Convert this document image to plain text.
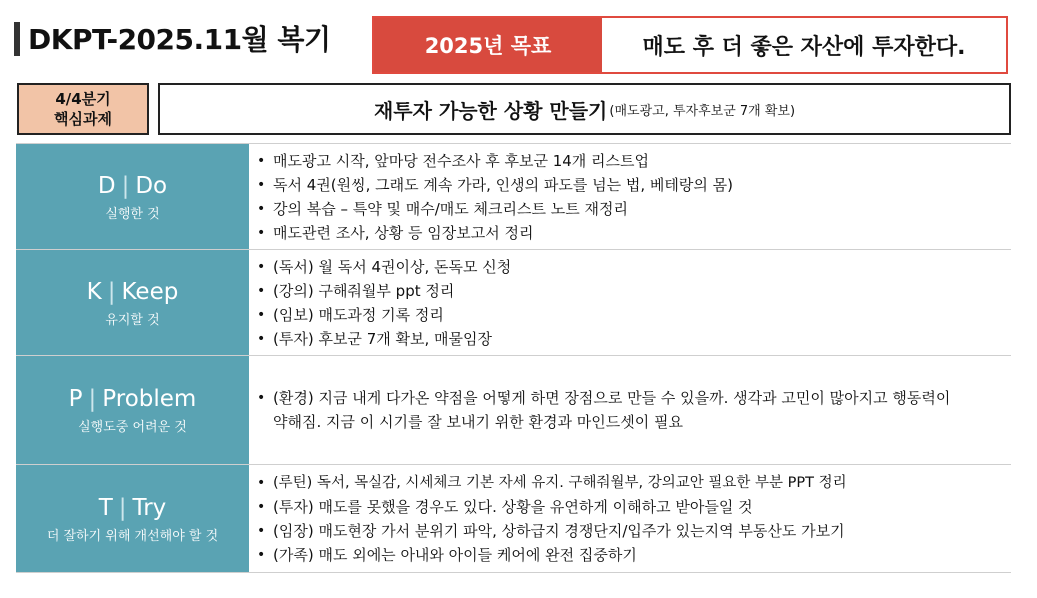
DKPT-2025.11월 복기	2025년 목표	매도 후 더 좋은 자산에 투자한다.
4/4분기
핵심과제	재투자 가능한 상황 만들기 (매도광고, 투자후보군 7개 확보)
D | Do
실행한 것
• 매도광고 시작, 앞마당 전수조사 후 후보군 14개 리스트업
• 독서 4권(원씽, 그래도 계속 가라, 인생의 파도를 넘는 법, 베테랑의 몸)
• 강의 복습 – 특약 및 매수/매도 체크리스트 노트 재정리
• 매도관련 조사, 상황 등 임장보고서 정리
K | Keep
유지할 것
• (독서) 월 독서 4권이상, 돈독모 신청
• (강의) 구해줘월부 ppt 정리
• (임보) 매도과정 기록 정리
• (투자) 후보군 7개 확보, 매물임장
P | Problem
실행도중 어려운 것
• (환경) 지금 내게 다가온 약점을 어떻게 하면 장점으로 만들 수 있을까. 생각과 고민이 많아지고 행동력이 약해짐. 지금 이 시기를 잘 보내기 위한 환경과 마인드셋이 필요
T | Try
더 잘하기 위해 개선해야 할 것
• (루틴) 독서, 목실감, 시세체크 기본 자세 유지. 구해줘월부, 강의교안 필요한 부분 PPT 정리
• (투자) 매도를 못했을 경우도 있다. 상황을 유연하게 이해하고 받아들일 것
• (임장) 매도현장 가서 분위기 파악, 상하급지 경쟁단지/입주가 있는지역 부동산도 가보기
• (가족) 매도 외에는 아내와 아이들 케어에 완전 집중하기
